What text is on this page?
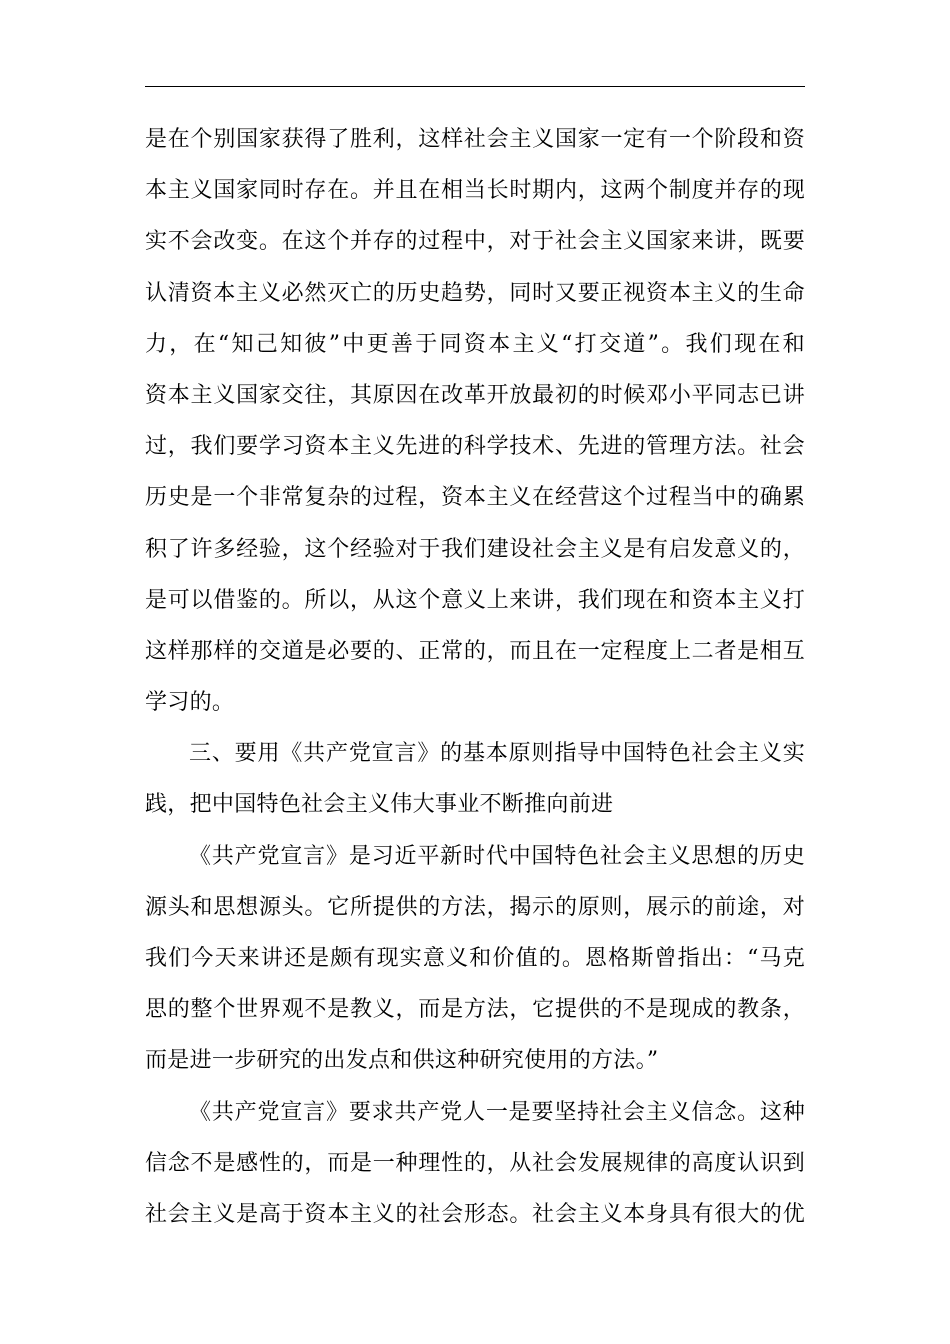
是在个别国家获得了胜利，这样社会主义国家一定有一个阶段和资
本主义国家同时存在。并且在相当长时期内，这两个制度并存的现
实不会改变。在这个并存的过程中，对于社会主义国家来讲，既要
认清资本主义必然灭亡的历史趋势，同时又要正视资本主义的生命
力，在“知己知彼”中更善于同资本主义“打交道”。我们现在和
资本主义国家交往，其原因在改革开放最初的时候邓小平同志已讲
过，我们要学习资本主义先进的科学技术、先进的管理方法。社会
历史是一个非常复杂的过程，资本主义在经营这个过程当中的确累
积了许多经验，这个经验对于我们建设社会主义是有启发意义的，
是可以借鉴的。所以，从这个意义上来讲，我们现在和资本主义打
这样那样的交道是必要的、正常的，而且在一定程度上二者是相互
学习的。
三、要用《共产党宣言》的基本原则指导中国特色社会主义实
践，把中国特色社会主义伟大事业不断推向前进
《共产党宣言》是习近平新时代中国特色社会主义思想的历史
源头和思想源头。它所提供的方法，揭示的原则，展示的前途，对
我们今天来讲还是颇有现实意义和价值的。恩格斯曾指出：“马克
思的整个世界观不是教义，而是方法，它提供的不是现成的教条，
而是进一步研究的出发点和供这种研究使用的方法。”
《共产党宣言》要求共产党人一是要坚持社会主义信念。这种
信念不是感性的，而是一种理性的，从社会发展规律的高度认识到
社会主义是高于资本主义的社会形态。社会主义本身具有很大的优
